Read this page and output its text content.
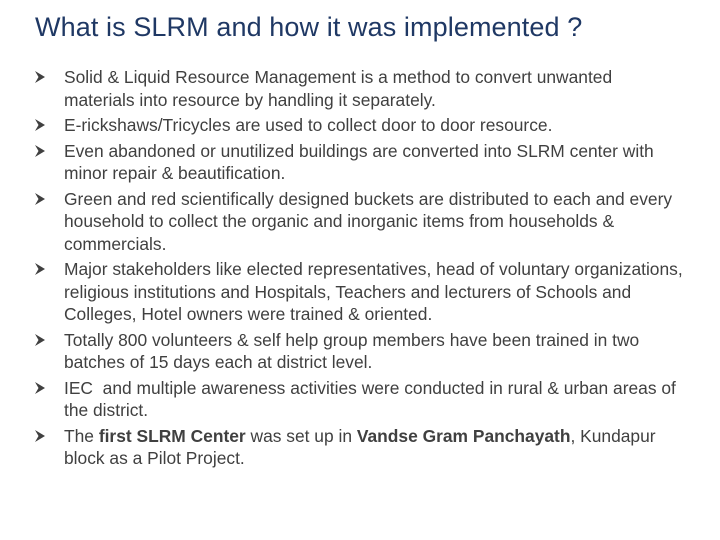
What is SLRM and how it was implemented ?
Solid & Liquid Resource Management is a method to convert unwanted materials into resource by handling it separately.
E-rickshaws/Tricycles are used to collect door to door resource.
Even abandoned or unutilized buildings are converted into SLRM center with minor repair & beautification.
Green and red scientifically designed buckets are distributed to each and every household to collect the organic and inorganic items from households & commercials.
Major stakeholders like elected representatives, head of voluntary organizations, religious institutions and Hospitals, Teachers and lecturers of Schools and Colleges, Hotel owners were trained & oriented.
Totally 800 volunteers & self help group members have been trained in two batches of 15 days each at district level.
IEC  and multiple awareness activities were conducted in rural & urban areas of the district.
The first SLRM Center was set up in Vandse Gram Panchayath, Kundapur block as a Pilot Project.
